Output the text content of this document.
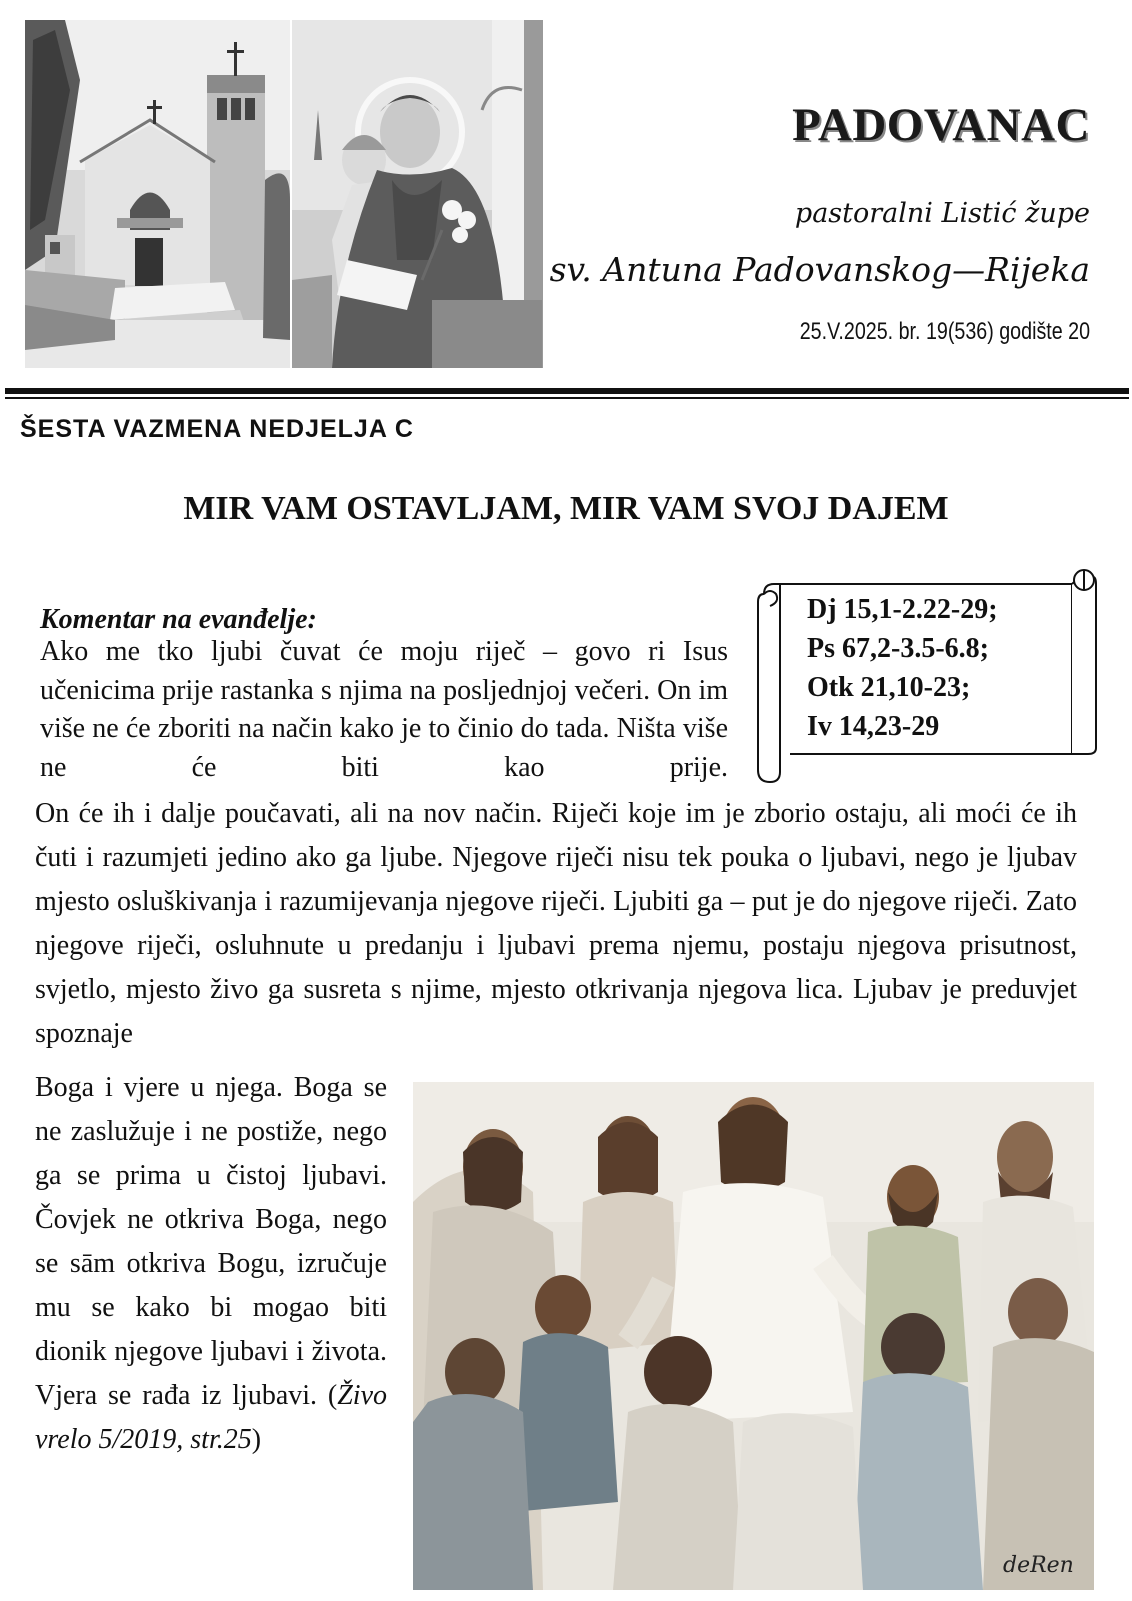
PADOVANAC

pastoralni Listić župe

sv. Antuna Padovanskog—Rijeka

25.V.2025. br. 19(536) godište 20

ŠESTA VAZMENA NEDJELJA C

MIR VAM OSTAVLJAM, MIR VAM SVOJ DAJEM
Dj 15,1-2.22-29;
Ps 67,2-3.5-6.8;
Otk 21,10-23;
Iv 14,23-29
Komentar na evanđelje:

Ako me tko ljubi čuvat će moju riječ – govo ri Isus učenicima prije rastanka s njima na posljednjoj večeri. On im više ne će zboriti na način kako je to činio do tada. Ništa više ne će biti kao prije.

On će ih i dalje poučavati, ali na nov način. Riječi koje im je zborio ostaju, ali moći će ih čuti i razumjeti jedino ako ga ljube. Njegove riječi nisu tek pouka o ljubavi, nego je ljubav mjesto osluškivanja i razumijevanja njegove riječi. Ljubiti ga – put je do njegove riječi. Zato njegove riječi, osluhnute u predanju i ljubavi prema njemu, postaju njegova prisutnost, svjetlo, mjesto živo ga susreta s njime, mjesto otkrivanja njegova lica. Ljubav je preduvjet spoznaje

Boga i vjere u njega. Boga se ne zaslužuje i ne postiže, nego ga se prima u čistoj ljubavi. Čovjek ne otkriva Boga, nego se sām otkriva Bogu, izručuje mu se kako bi mogao biti dionik njegove ljubavi i života. Vjera se rađa iz ljubavi. (Živo vrelo 5/2019, str.25)

deRen
